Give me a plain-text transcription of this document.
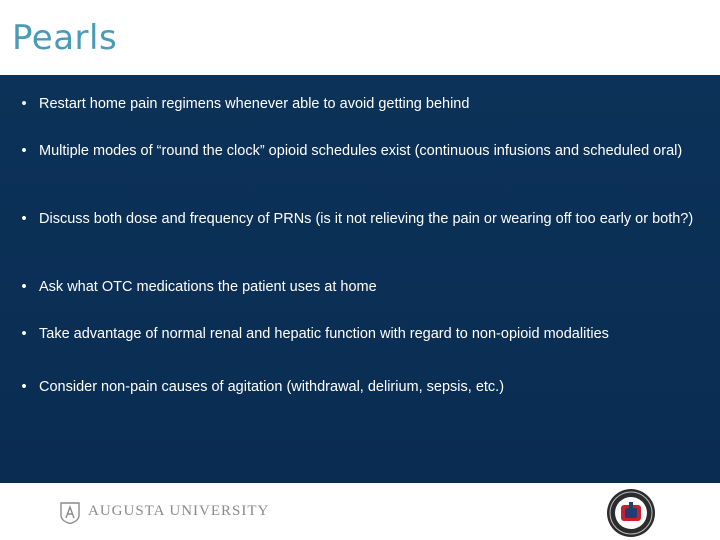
Pearls
• Restart home pain regimens whenever able to avoid getting behind
• Multiple modes of “round the clock” opioid schedules exist (continuous infusions and scheduled oral)
• Discuss both dose and frequency of PRNs (is it not relieving the pain or wearing off too early or both?)
• Ask what OTC medications the patient uses at home
• Take advantage of normal renal and hepatic function with regard to non-opioid modalities
• Consider non-pain causes of agitation (withdrawal, delirium, sepsis, etc.)
AUGUSTA UNIVERSITY
